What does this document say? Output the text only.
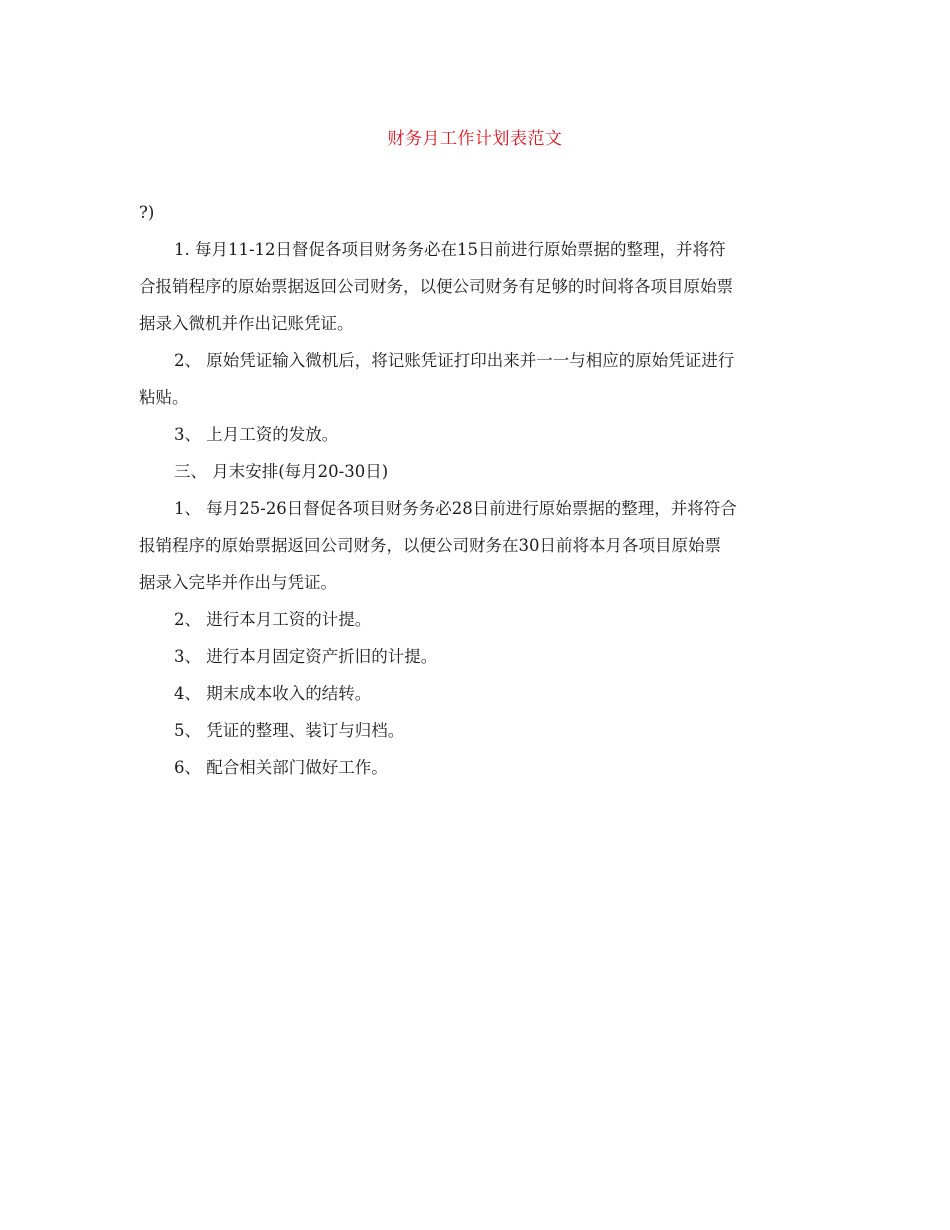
财务月工作计划表范文
?)
1. 每月11-12日督促各项目财务务必在15日前进行原始票据的整理，并将符
合报销程序的原始票据返回公司财务，以便公司财务有足够的时间将各项目原始票
据录入微机并作出记账凭证。
2、 原始凭证输入微机后，将记账凭证打印出来并一一与相应的原始凭证进行
粘贴。
3、 上月工资的发放。
三、 月末安排(每月20-30日)
1、 每月25-26日督促各项目财务务必28日前进行原始票据的整理，并将符合
报销程序的原始票据返回公司财务，以便公司财务在30日前将本月各项目原始票
据录入完毕并作出与凭证。
2、 进行本月工资的计提。
3、 进行本月固定资产折旧的计提。
4、 期末成本收入的结转。
5、 凭证的整理、装订与归档。
6、 配合相关部门做好工作。
